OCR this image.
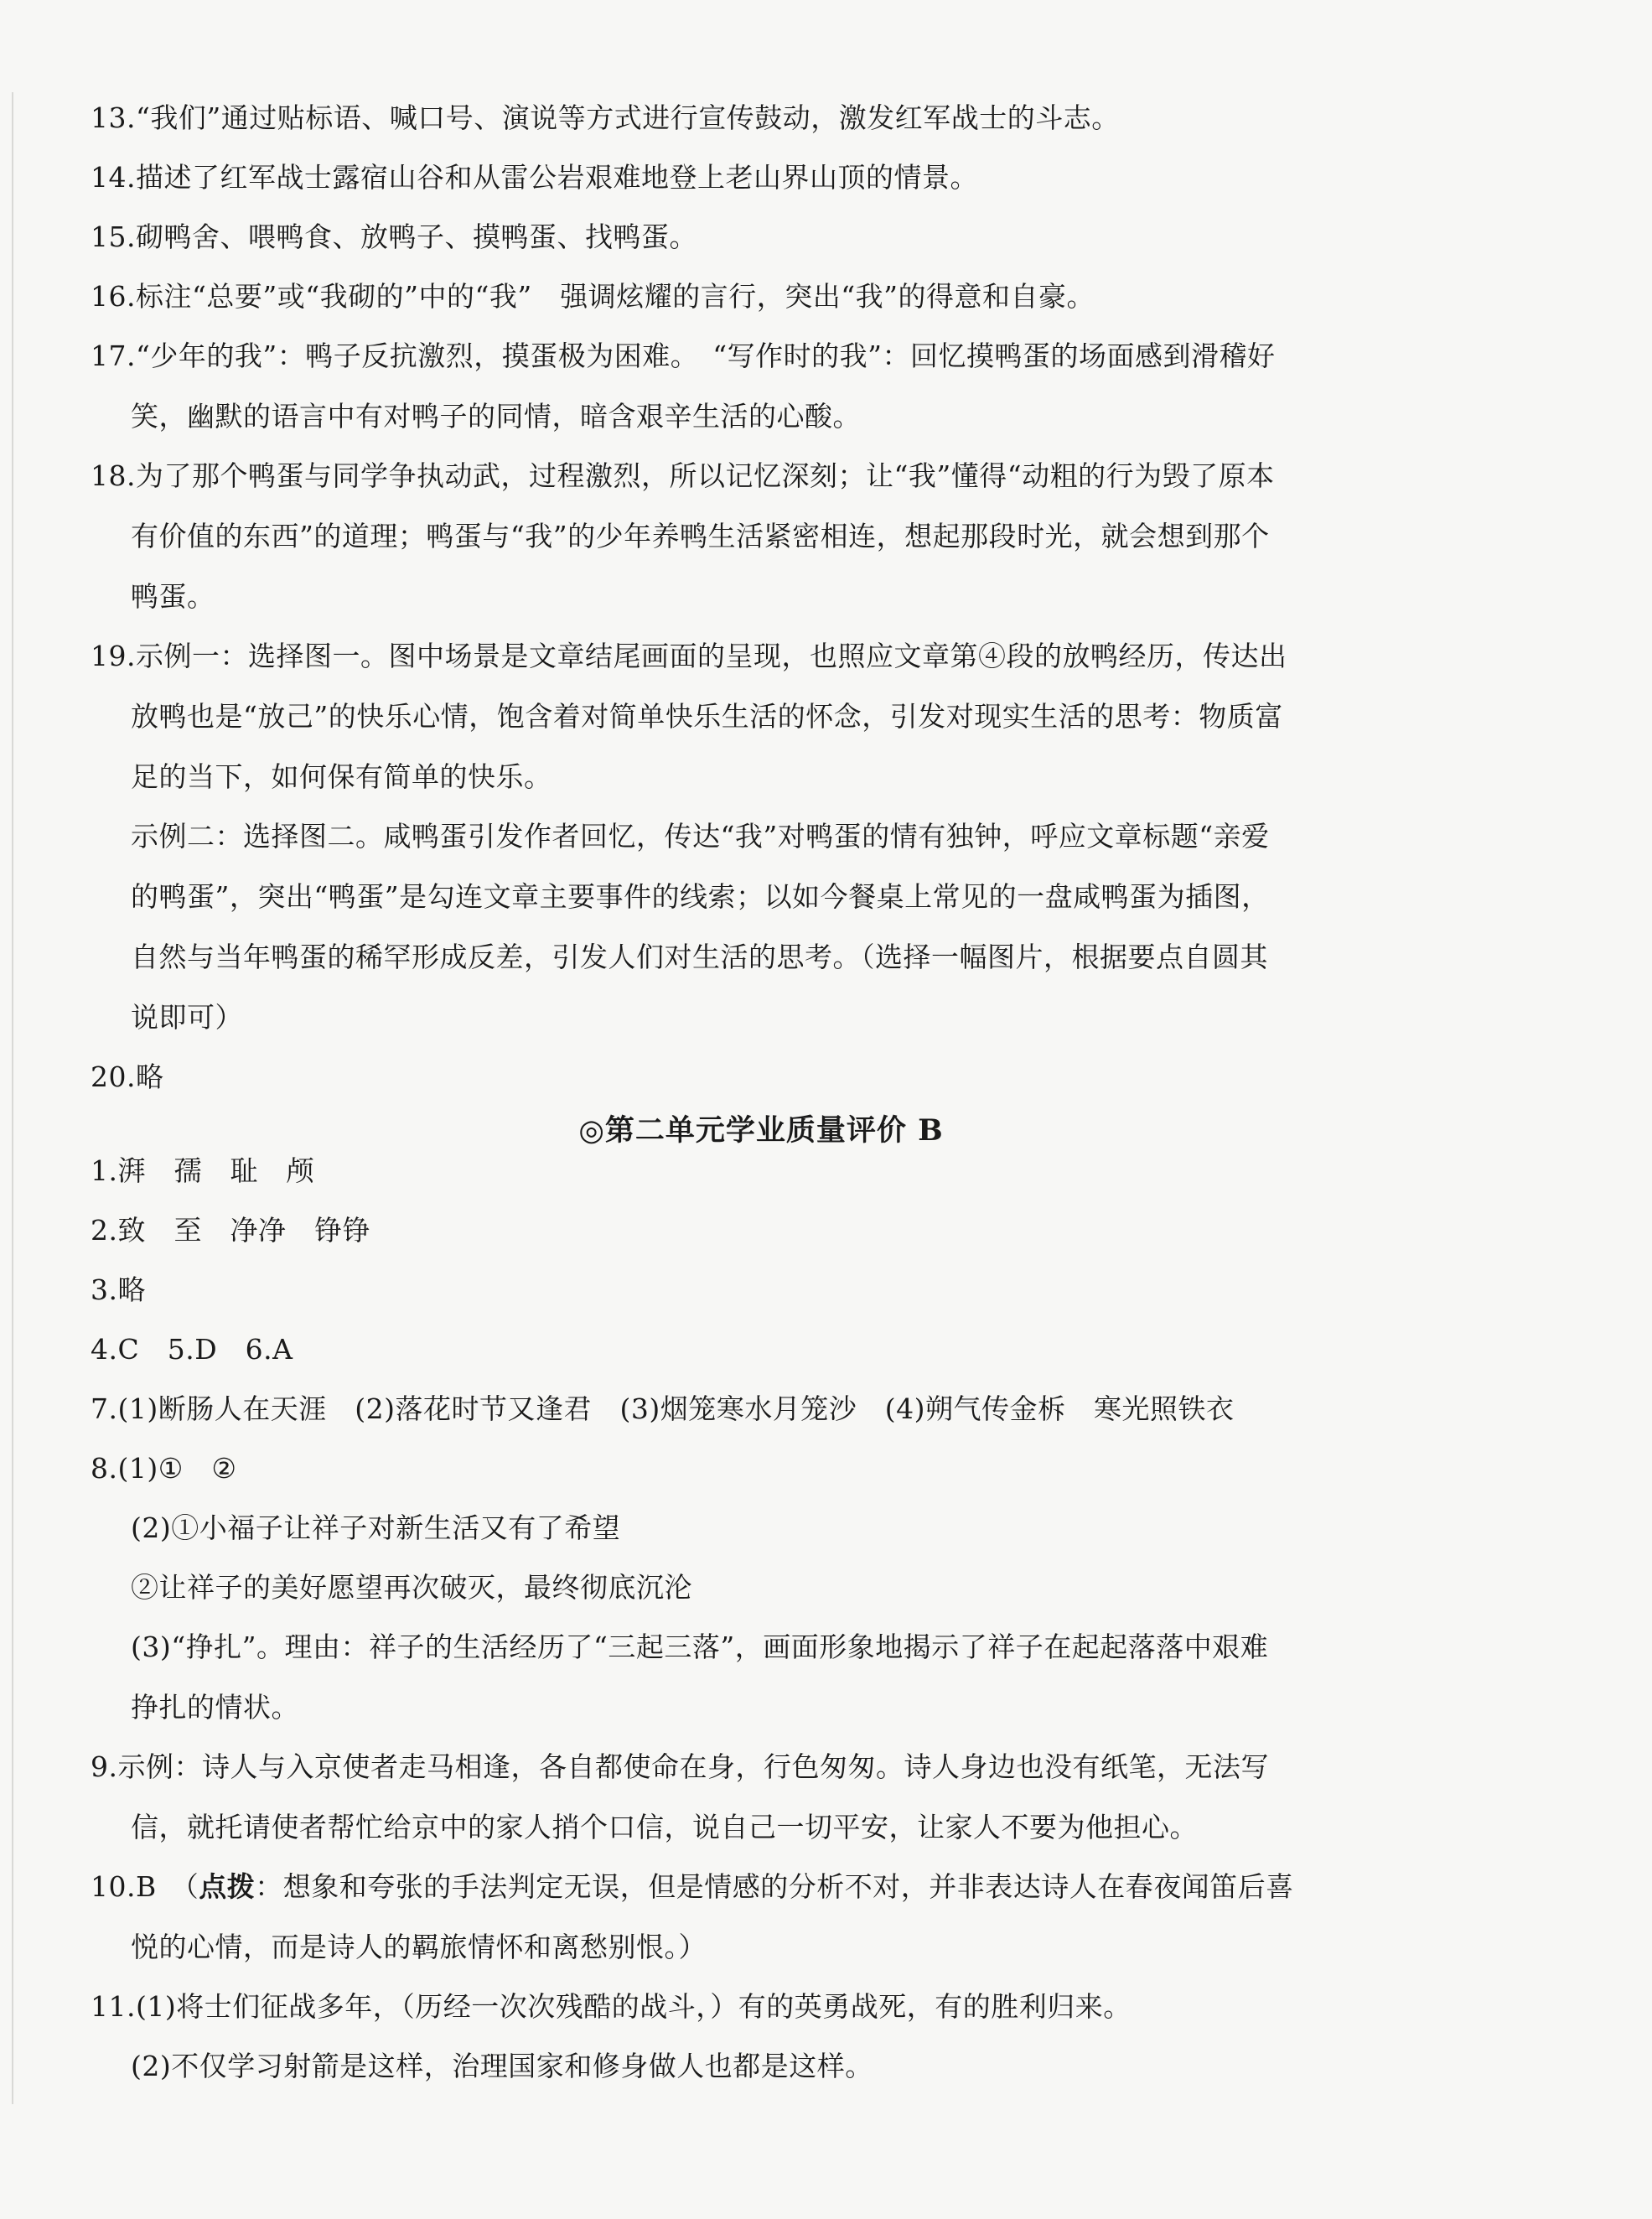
13.“我们”通过贴标语、喊口号、演说等方式进行宣传鼓动，激发红军战士的斗志。
14.描述了红军战士露宿山谷和从雷公岩艰难地登上老山界山顶的情景。
15.砌鸭舍、喂鸭食、放鸭子、摸鸭蛋、找鸭蛋。
16.标注“总要”或“我砌的”中的“我”　强调炫耀的言行，突出“我”的得意和自豪。
17.“少年的我”：鸭子反抗激烈，摸蛋极为困难。　“写作时的我”：回忆摸鸭蛋的场面感到滑稽好
笑，幽默的语言中有对鸭子的同情，暗含艰辛生活的心酸。
18.为了那个鸭蛋与同学争执动武，过程激烈，所以记忆深刻；让“我”懂得“动粗的行为毁了原本
有价值的东西”的道理；鸭蛋与“我”的少年养鸭生活紧密相连，想起那段时光，就会想到那个
鸭蛋。
19.示例一：选择图一。图中场景是文章结尾画面的呈现，也照应文章第④段的放鸭经历，传达出
放鸭也是“放己”的快乐心情，饱含着对简单快乐生活的怀念，引发对现实生活的思考：物质富
足的当下，如何保有简单的快乐。
示例二：选择图二。咸鸭蛋引发作者回忆，传达“我”对鸭蛋的情有独钟，呼应文章标题“亲爱
的鸭蛋”，突出“鸭蛋”是勾连文章主要事件的线索；以如今餐桌上常见的一盘咸鸭蛋为插图，
自然与当年鸭蛋的稀罕形成反差，引发人们对生活的思考。（选择一幅图片，根据要点自圆其
说即可）
20.略
◎第二单元学业质量评价 B
1.湃　孺　耻　颅
2.致　至　净净　铮铮
3.略
4.C　5.D　6.A
7.(1)断肠人在天涯　(2)落花时节又逢君　(3)烟笼寒水月笼沙　(4)朔气传金柝　寒光照铁衣
8.(1)①　②
(2)①小福子让祥子对新生活又有了希望
②让祥子的美好愿望再次破灭，最终彻底沉沦
(3)“挣扎”。理由：祥子的生活经历了“三起三落”，画面形象地揭示了祥子在起起落落中艰难
挣扎的情状。
9.示例：诗人与入京使者走马相逢，各自都使命在身，行色匆匆。诗人身边也没有纸笔，无法写
信，就托请使者帮忙给京中的家人捎个口信，说自己一切平安，让家人不要为他担心。
10.B　（点拨：想象和夸张的手法判定无误，但是情感的分析不对，并非表达诗人在春夜闻笛后喜
悦的心情，而是诗人的羁旅情怀和离愁别恨。）
11.(1)将士们征战多年，（历经一次次残酷的战斗，）有的英勇战死，有的胜利归来。
(2)不仅学习射箭是这样，治理国家和修身做人也都是这样。
